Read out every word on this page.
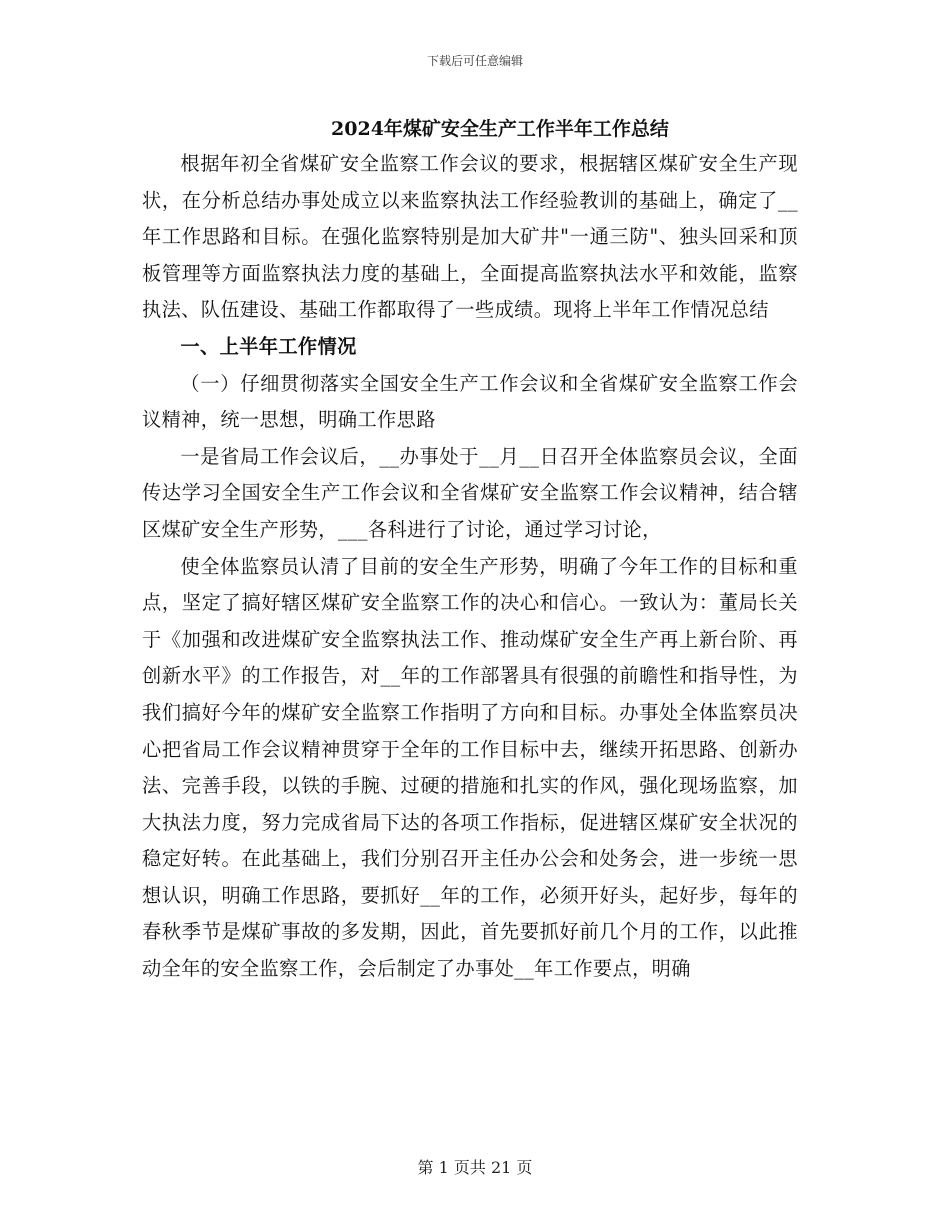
下载后可任意编辑
2024年煤矿安全生产工作半年工作总结

根据年初全省煤矿安全监察工作会议的要求，根据辖区煤矿安全生产现状，在分析总结办事处成立以来监察执法工作经验教训的基础上，确定了__年工作思路和目标。在强化监察特别是加大矿井"一通三防"、独头回采和顶板管理等方面监察执法力度的基础上，全面提高监察执法水平和效能，监察执法、队伍建设、基础工作都取得了一些成绩。现将上半年工作情况总结

一、上半年工作情况

（一）仔细贯彻落实全国安全生产工作会议和全省煤矿安全监察工作会议精神，统一思想，明确工作思路

一是省局工作会议后，__办事处于__月__日召开全体监察员会议，全面传达学习全国安全生产工作会议和全省煤矿安全监察工作会议精神，结合辖区煤矿安全生产形势，___各科进行了讨论，通过学习讨论，

使全体监察员认清了目前的安全生产形势，明确了今年工作的目标和重点，坚定了搞好辖区煤矿安全监察工作的决心和信心。一致认为：董局长关于《加强和改进煤矿安全监察执法工作、推动煤矿安全生产再上新台阶、再创新水平》的工作报告，对__年的工作部署具有很强的前瞻性和指导性，为我们搞好今年的煤矿安全监察工作指明了方向和目标。办事处全体监察员决心把省局工作会议精神贯穿于全年的工作目标中去，继续开拓思路、创新办法、完善手段，以铁的手腕、过硬的措施和扎实的作风，强化现场监察，加大执法力度，努力完成省局下达的各项工作指标，促进辖区煤矿安全状况的稳定好转。在此基础上，我们分别召开主任办公会和处务会，进一步统一思想认识，明确工作思路，要抓好__年的工作，必须开好头，起好步，每年的春秋季节是煤矿事故的多发期，因此，首先要抓好前几个月的工作，以此推动全年的安全监察工作，会后制定了办事处__年工作要点，明确

第 1 页共 21 页
